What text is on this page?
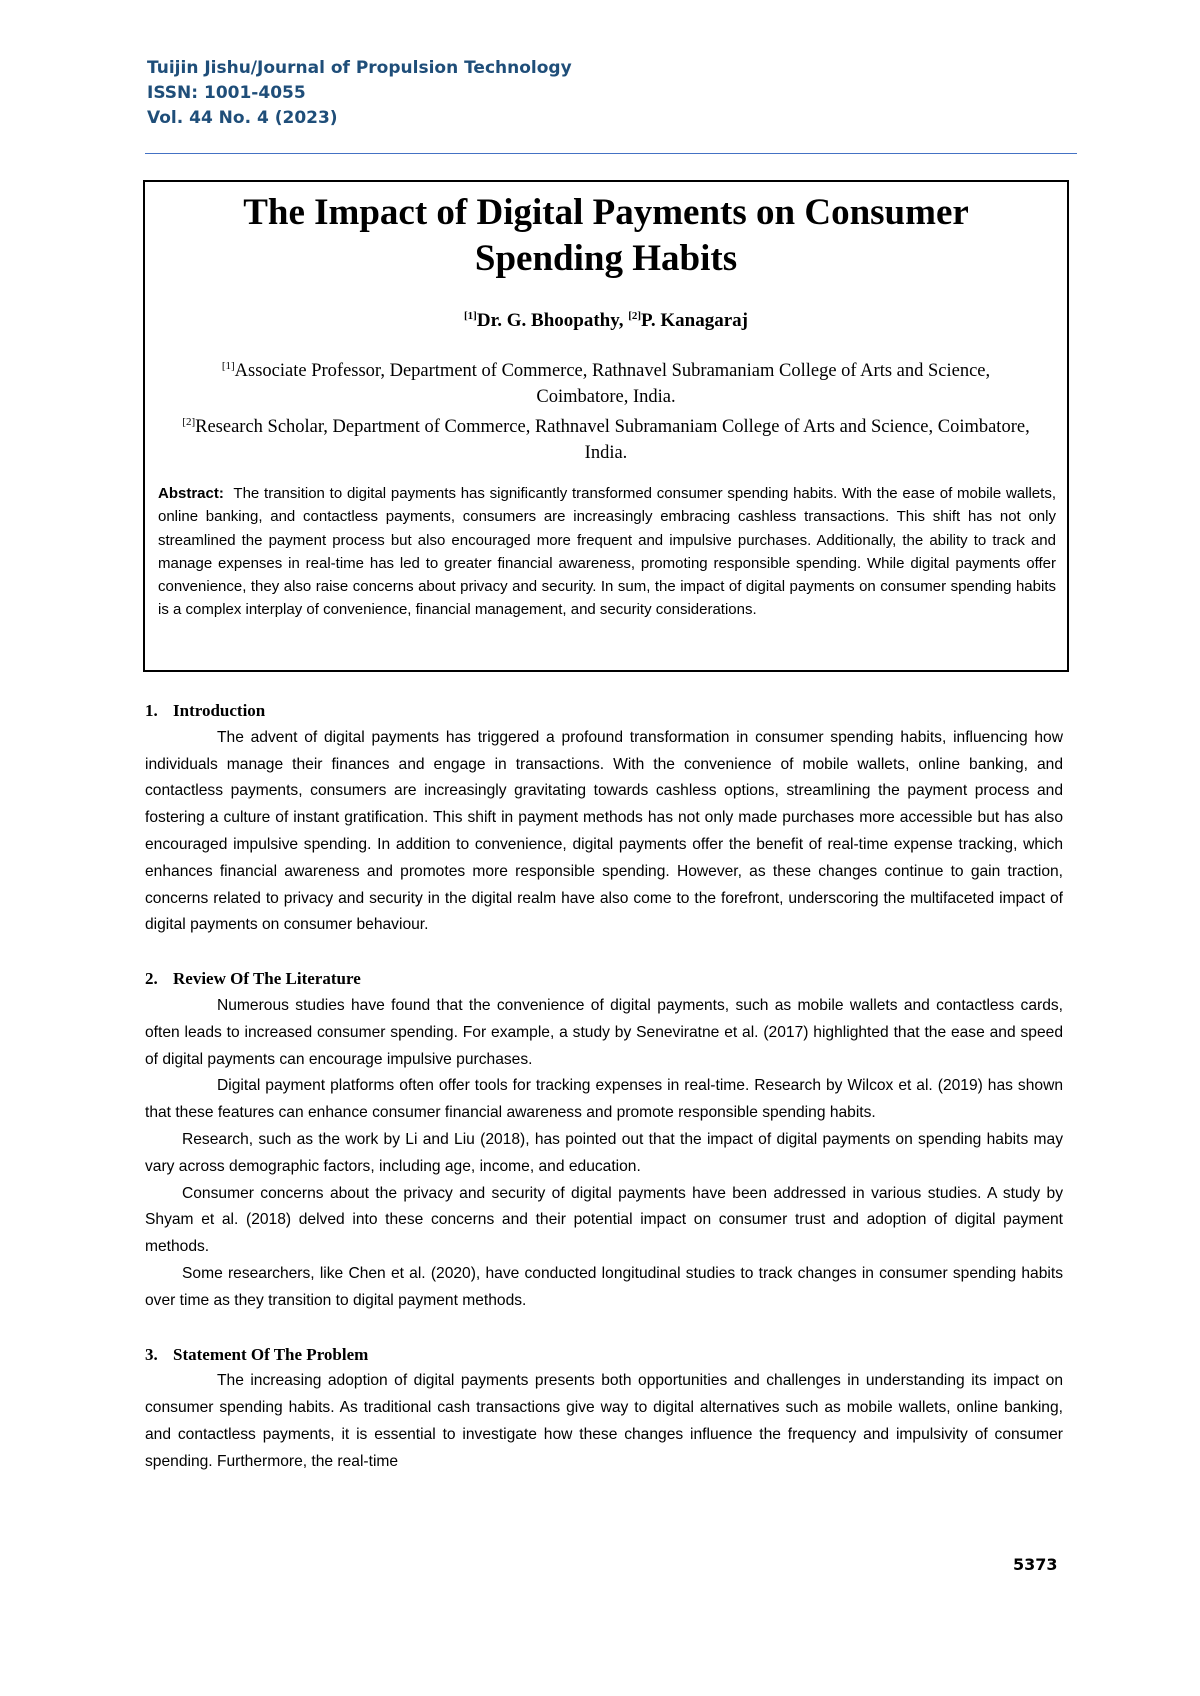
Tuijin Jishu/Journal of Propulsion Technology
ISSN: 1001-4055
Vol. 44 No. 4 (2023)
The Impact of Digital Payments on Consumer Spending Habits
[1]Dr. G. Bhoopathy, [2]P. Kanagaraj
[1]Associate Professor, Department of Commerce, Rathnavel Subramaniam College of Arts and Science, Coimbatore, India.
[2]Research Scholar, Department of Commerce, Rathnavel Subramaniam College of Arts and Science, Coimbatore, India.
Abstract: The transition to digital payments has significantly transformed consumer spending habits. With the ease of mobile wallets, online banking, and contactless payments, consumers are increasingly embracing cashless transactions. This shift has not only streamlined the payment process but also encouraged more frequent and impulsive purchases. Additionally, the ability to track and manage expenses in real-time has led to greater financial awareness, promoting responsible spending. While digital payments offer convenience, they also raise concerns about privacy and security. In sum, the impact of digital payments on consumer spending habits is a complex interplay of convenience, financial management, and security considerations.
1. Introduction

The advent of digital payments has triggered a profound transformation in consumer spending habits, influencing how individuals manage their finances and engage in transactions. With the convenience of mobile wallets, online banking, and contactless payments, consumers are increasingly gravitating towards cashless options, streamlining the payment process and fostering a culture of instant gratification. This shift in payment methods has not only made purchases more accessible but has also encouraged impulsive spending. In addition to convenience, digital payments offer the benefit of real-time expense tracking, which enhances financial awareness and promotes more responsible spending. However, as these changes continue to gain traction, concerns related to privacy and security in the digital realm have also come to the forefront, underscoring the multifaceted impact of digital payments on consumer behaviour.

2. Review Of The Literature

Numerous studies have found that the convenience of digital payments, such as mobile wallets and contactless cards, often leads to increased consumer spending. For example, a study by Seneviratne et al. (2017) highlighted that the ease and speed of digital payments can encourage impulsive purchases.

Digital payment platforms often offer tools for tracking expenses in real-time. Research by Wilcox et al. (2019) has shown that these features can enhance consumer financial awareness and promote responsible spending habits.

Research, such as the work by Li and Liu (2018), has pointed out that the impact of digital payments on spending habits may vary across demographic factors, including age, income, and education.

Consumer concerns about the privacy and security of digital payments have been addressed in various studies. A study by Shyam et al. (2018) delved into these concerns and their potential impact on consumer trust and adoption of digital payment methods.

Some researchers, like Chen et al. (2020), have conducted longitudinal studies to track changes in consumer spending habits over time as they transition to digital payment methods.

3. Statement Of The Problem

The increasing adoption of digital payments presents both opportunities and challenges in understanding its impact on consumer spending habits. As traditional cash transactions give way to digital alternatives such as mobile wallets, online banking, and contactless payments, it is essential to investigate how these changes influence the frequency and impulsivity of consumer spending. Furthermore, the real-time

5373
